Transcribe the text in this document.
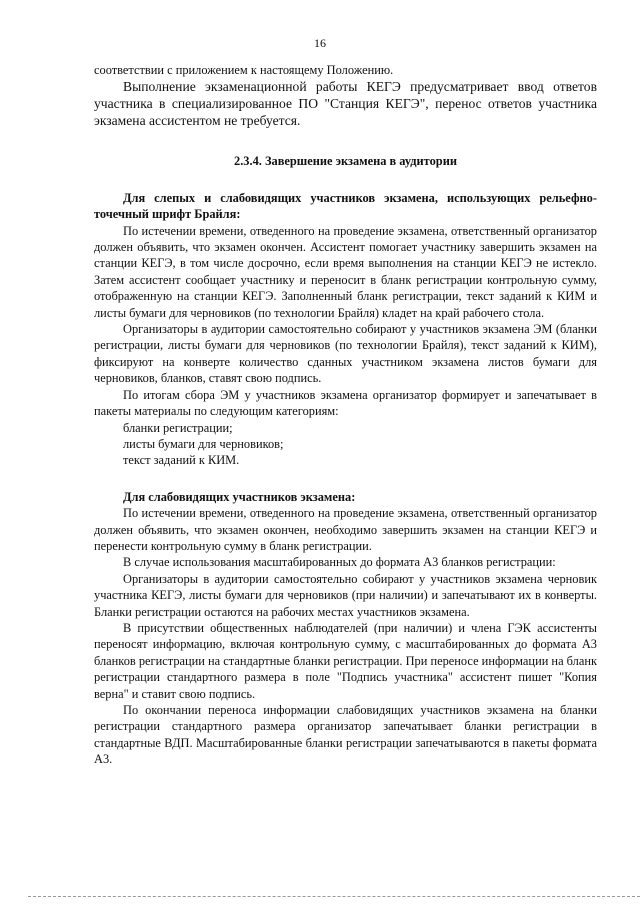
16

соответствии с приложением к настоящему Положению.

Выполнение экзаменационной работы КЕГЭ предусматривает ввод ответов участника в специализированное ПО "Станция КЕГЭ", перенос ответов участника экзамена ассистентом не требуется.

2.3.4. Завершение экзамена в аудитории

Для слепых и слабовидящих участников экзамена, использующих рельефно-точечный шрифт Брайля:

По истечении времени, отведенного на проведение экзамена, ответственный организатор должен объявить, что экзамен окончен. Ассистент помогает участнику завершить экзамен на станции КЕГЭ, в том числе досрочно, если время выполнения на станции КЕГЭ не истекло. Затем ассистент сообщает участнику и переносит в бланк регистрации контрольную сумму, отображенную на станции КЕГЭ. Заполненный бланк регистрации, текст заданий к КИМ и листы бумаги для черновиков (по технологии Брайля) кладет на край рабочего стола.

Организаторы в аудитории самостоятельно собирают у участников экзамена ЭМ (бланки регистрации, листы бумаги для черновиков (по технологии Брайля), текст заданий к КИМ), фиксируют на конверте количество сданных участником экзамена листов бумаги для черновиков, бланков, ставят свою подпись.

По итогам сбора ЭМ у участников экзамена организатор формирует и запечатывает в пакеты материалы по следующим категориям:

бланки регистрации;

листы бумаги для черновиков;

текст заданий к КИМ.

Для слабовидящих участников экзамена:

По истечении времени, отведенного на проведение экзамена, ответственный организатор должен объявить, что экзамен окончен, необходимо завершить экзамен на станции КЕГЭ и перенести контрольную сумму в бланк регистрации.

В случае использования масштабированных до формата А3 бланков регистрации:

Организаторы в аудитории самостоятельно собирают у участников экзамена черновик участника КЕГЭ, листы бумаги для черновиков (при наличии) и запечатывают их в конверты. Бланки регистрации остаются на рабочих местах участников экзамена.

В присутствии общественных наблюдателей (при наличии) и члена ГЭК ассистенты переносят информацию, включая контрольную сумму, с масштабированных до формата А3 бланков регистрации на стандартные бланки регистрации. При переносе информации на бланк регистрации стандартного размера в поле "Подпись участника" ассистент пишет "Копия верна" и ставит свою подпись.

По окончании переноса информации слабовидящих участников экзамена на бланки регистрации стандартного размера организатор запечатывает бланки регистрации в стандартные ВДП. Масштабированные бланки регистрации запечатываются в пакеты формата А3.
